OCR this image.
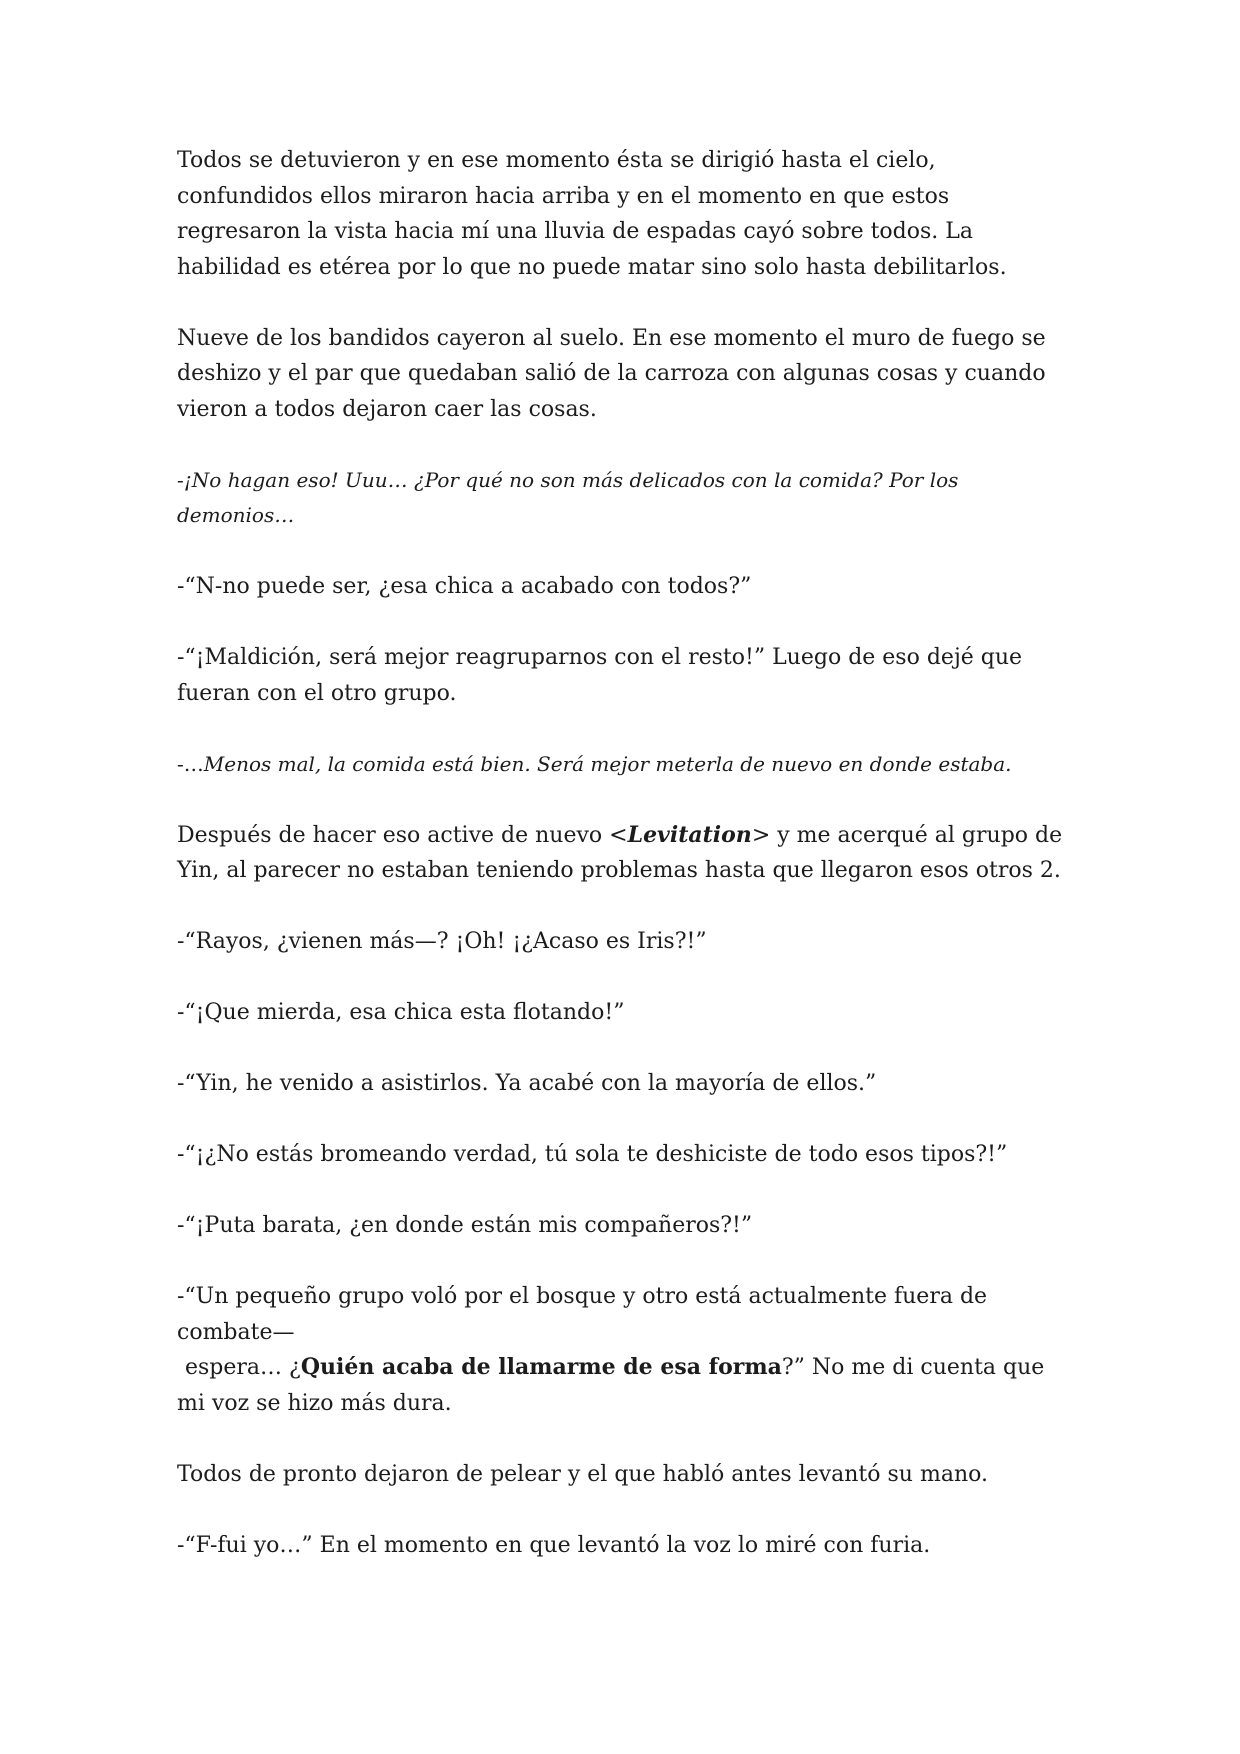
Todos se detuvieron y en ese momento ésta se dirigió hasta el cielo, confundidos ellos miraron hacia arriba y en el momento en que estos regresaron la vista hacia mí una lluvia de espadas cayó sobre todos. La habilidad es etérea por lo que no puede matar sino solo hasta debilitarlos.

Nueve de los bandidos cayeron al suelo. En ese momento el muro de fuego se deshizo y el par que quedaban salió de la carroza con algunas cosas y cuando vieron a todos dejaron caer las cosas.

-¡No hagan eso! Uuu… ¿Por qué no son más delicados con la comida? Por los demonios…

-“N-no puede ser, ¿esa chica a acabado con todos?”

-“¡Maldición, será mejor reagruparnos con el resto!” Luego de eso dejé que fueran con el otro grupo.

-…Menos mal, la comida está bien. Será mejor meterla de nuevo en donde estaba.

Después de hacer eso active de nuevo <Levitation> y me acerqué al grupo de Yin, al parecer no estaban teniendo problemas hasta que llegaron esos otros 2.

-“Rayos, ¿vienen más—? ¡Oh! ¡¿Acaso es Iris?!”

-“¡Que mierda, esa chica esta flotando!”

-“Yin, he venido a asistirlos. Ya acabé con la mayoría de ellos.”

-“¡¿No estás bromeando verdad, tú sola te deshiciste de todo esos tipos?!”

-“¡Puta barata, ¿en donde están mis compañeros?!”

-“Un pequeño grupo voló por el bosque y otro está actualmente fuera de combate—
espera… ¿Quién acaba de llamarme de esa forma?” No me di cuenta que mi voz se hizo más dura.

Todos de pronto dejaron de pelear y el que habló antes levantó su mano.

-“F-fui yo…” En el momento en que levantó la voz lo miré con furia.
